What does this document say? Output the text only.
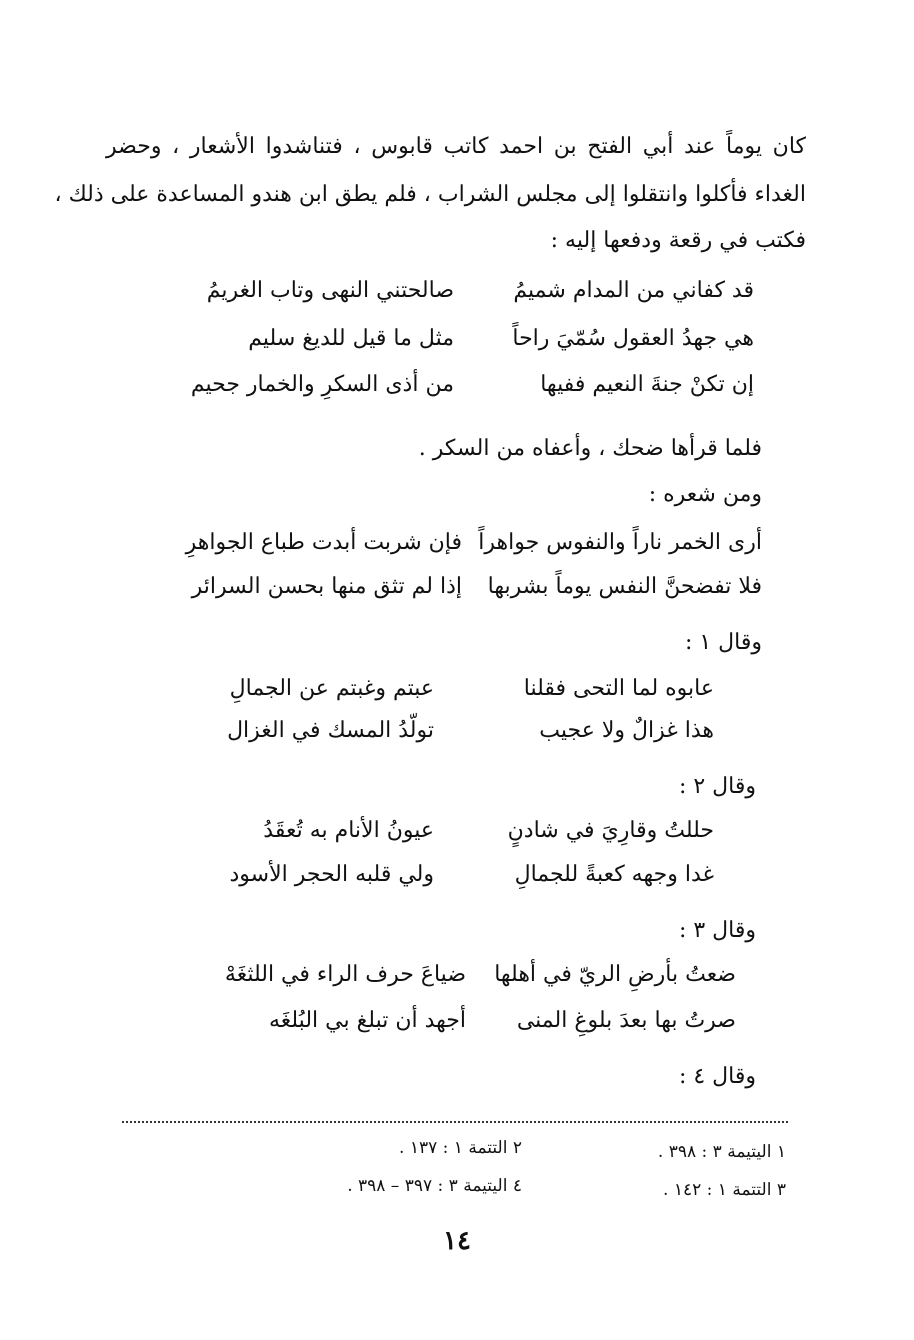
كان يوماً عند أبي الفتح بن احمد كاتب قابوس ، فتناشدوا الأشعار ، وحضر
الغداء فأكلوا وانتقلوا إلى مجلس الشراب ، فلم يطق ابن هندو المساعدة على ذلك ،
فكتب في رقعة ودفعها إليه :
قد كفاني من المدام شميمُ
صالحتني النهى وتاب الغريمُ
هي جهدُ العقول سُمّيَ راحاً
مثل ما قيل للديغ سليم
إن تكنْ جنةَ النعيم ففيها
من أذى السكرِ والخمار جحيم
فلما قرأها ضحك ، وأعفاه من السكر .
ومن شعره :
أرى الخمر ناراً والنفوس جواهراً
فإن شربت أبدت طباع الجواهرِ
فلا تفضحنَّ النفس يوماً بشربها
إذا لم تثق منها بحسن السرائر
وقال ١ :
عابوه لما التحى فقلنا
عبتم وغبتم عن الجمالِ
هذا غزالٌ ولا عجيب
تولّدُ المسك في الغزال
وقال ٢ :
حللتُ وقارِيَ في شادنٍ
عيونُ الأنام به تُعقَدُ
غدا وجهه كعبةً للجمالِ
ولي قلبه الحجر الأسود
وقال ٣ :
ضعتُ بأرضِ الريّ في أهلها
ضياعَ حرف الراء في اللثغَهْ
صرتُ بها بعدَ بلوغِ المنى
أجهد أن تبلغ بي البُلغَه
وقال ٤ :
١ اليتيمة ٣ : ٣٩٨ .
٢ التتمة ١ : ١٣٧ .
٣ التتمة ١ : ١٤٢ .
٤ اليتيمة ٣ : ٣٩٧ – ٣٩٨ .
١٤
